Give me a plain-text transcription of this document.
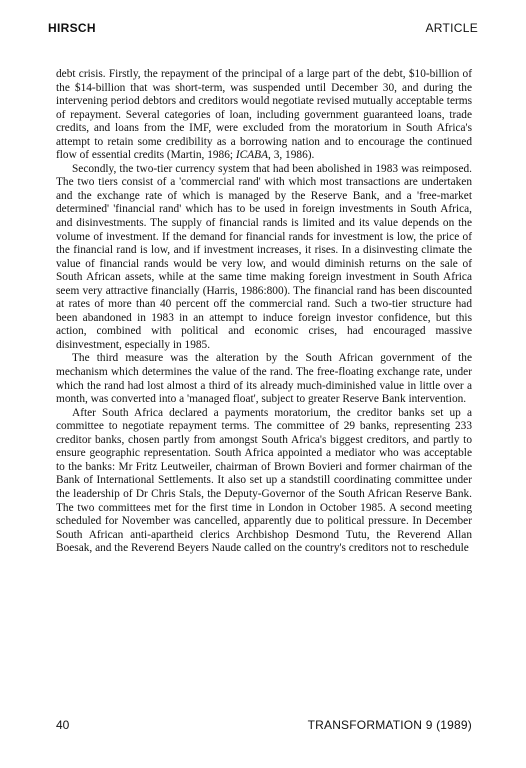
HIRSCH	ARTICLE

debt crisis. Firstly, the repayment of the principal of a large part of the debt, $10-billion of the $14-billion that was short-term, was suspended until December 30, and during the intervening period debtors and creditors would negotiate revised mutually acceptable terms of repayment. Several categories of loan, including government guaranteed loans, trade credits, and loans from the IMF, were excluded from the moratorium in South Africa's attempt to retain some credibility as a borrowing nation and to encourage the continued flow of essential credits (Martin, 1986; ICABA, 3, 1986).

Secondly, the two-tier currency system that had been abolished in 1983 was reimposed. The two tiers consist of a 'commercial rand' with which most transactions are undertaken and the exchange rate of which is managed by the Reserve Bank, and a 'free-market determined' 'financial rand' which has to be used in foreign investments in South Africa, and disinvestments. The supply of financial rands is limited and its value depends on the volume of investment. If the demand for financial rands for investment is low, the price of the financial rand is low, and if investment increases, it rises. In a disinvesting climate the value of financial rands would be very low, and would diminish returns on the sale of South African assets, while at the same time making foreign investment in South Africa seem very attractive financially (Harris, 1986:800). The financial rand has been discounted at rates of more than 40 percent off the commercial rand. Such a two-tier structure had been abandoned in 1983 in an attempt to induce foreign investor confidence, but this action, combined with political and economic crises, had encouraged massive disinvestment, especially in 1985.

The third measure was the alteration by the South African government of the mechanism which determines the value of the rand. The free-floating exchange rate, under which the rand had lost almost a third of its already much-diminished value in little over a month, was converted into a 'managed float', subject to greater Reserve Bank intervention.

After South Africa declared a payments moratorium, the creditor banks set up a committee to negotiate repayment terms. The committee of 29 banks, representing 233 creditor banks, chosen partly from amongst South Africa's biggest creditors, and partly to ensure geographic representation. South Africa appointed a mediator who was acceptable to the banks: Mr Fritz Leutweiler, chairman of Brown Bovieri and former chairman of the Bank of International Settlements. It also set up a standstill coordinating committee under the leadership of Dr Chris Stals, the Deputy-Governor of the South African Reserve Bank. The two committees met for the first time in London in October 1985. A second meeting scheduled for November was cancelled, apparently due to political pressure. In December South African anti-apartheid clerics Archbishop Desmond Tutu, the Reverend Allan Boesak, and the Reverend Beyers Naude called on the country's creditors not to reschedule

40	TRANSFORMATION 9 (1989)
